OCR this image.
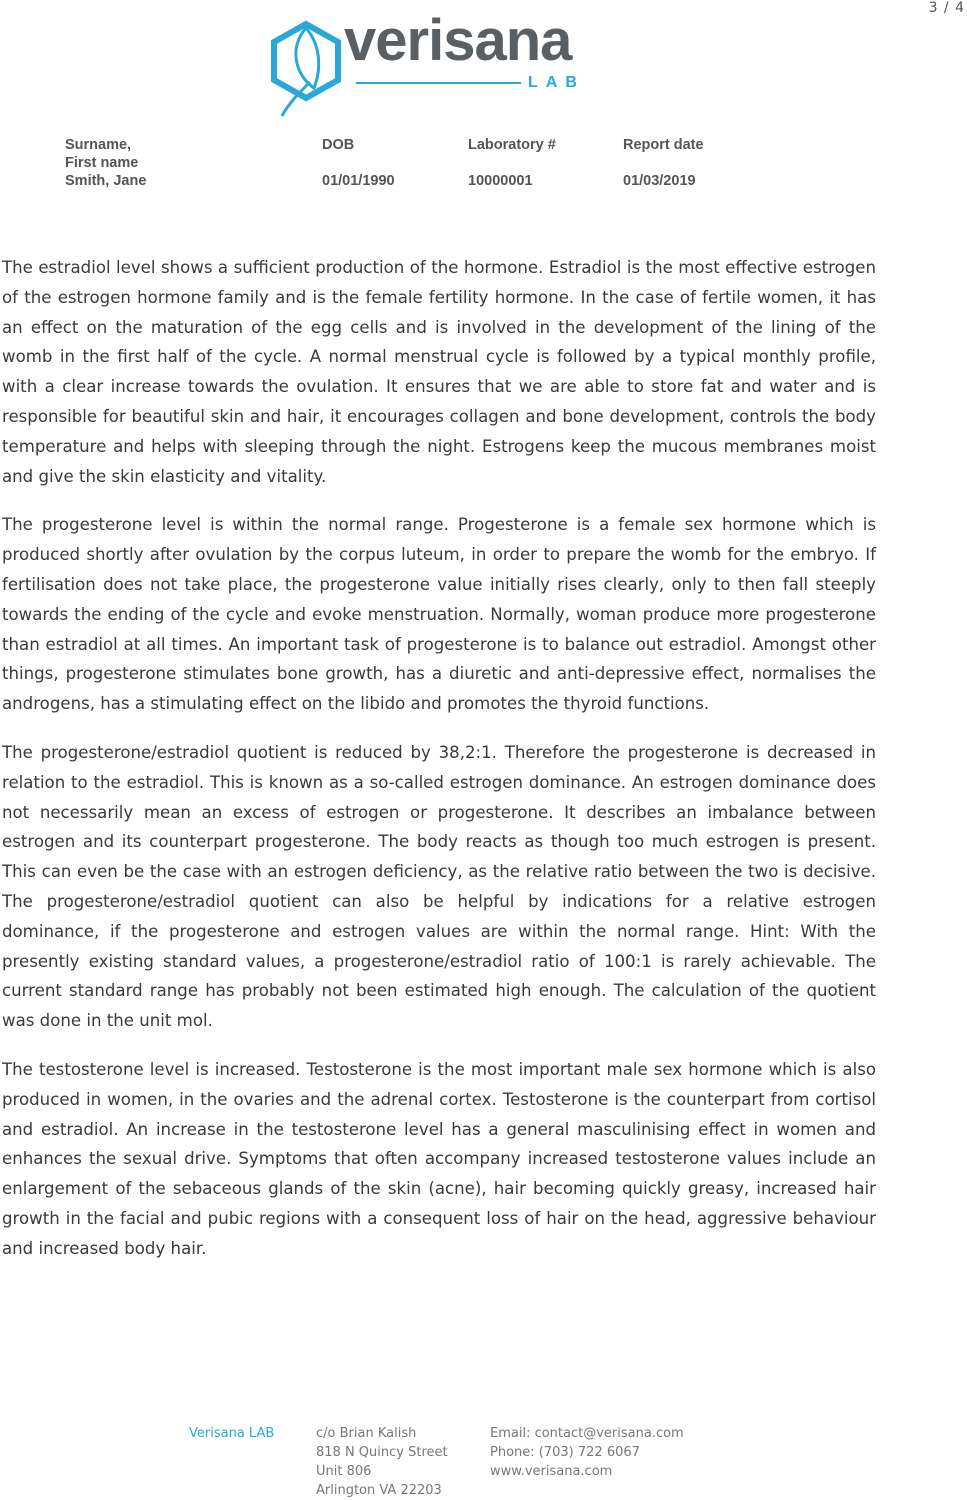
3 / 4
verisana
LAB
Surname,
First name
Smith, Jane
DOB
01/01/1990
Laboratory #
10000001
Report date
01/03/2019

The estradiol level shows a sufficient production of the hormone. Estradiol is the most effective estrogen of the estrogen hormone family and is the female fertility hormone. In the case of fertile women, it has an effect on the maturation of the egg cells and is involved in the development of the lining of the womb in the first half of the cycle. A normal menstrual cycle is followed by a typical monthly profile, with a clear increase towards the ovulation. It ensures that we are able to store fat and water and is responsible for beautiful skin and hair, it encourages collagen and bone development, controls the body temperature and helps with sleeping through the night. Estrogens keep the mucous membranes moist and give the skin elasticity and vitality.

The progesterone level is within the normal range. Progesterone is a female sex hormone which is produced shortly after ovulation by the corpus luteum, in order to prepare the womb for the embryo. If fertilisation does not take place, the progesterone value initially rises clearly, only to then fall steeply towards the ending of the cycle and evoke menstruation. Normally, woman produce more progesterone than estradiol at all times. An important task of progesterone is to balance out estradiol. Amongst other things, progesterone stimulates bone growth, has a diuretic and anti-depressive effect, normalises the androgens, has a stimulating effect on the libido and promotes the thyroid functions.

The progesterone/estradiol quotient is reduced by 38,2:1. Therefore the progesterone is decreased in relation to the estradiol. This is known as a so-called estrogen dominance. An estrogen dominance does not necessarily mean an excess of estrogen or progesterone. It describes an imbalance between estrogen and its counterpart progesterone. The body reacts as though too much estrogen is present. This can even be the case with an estrogen deficiency, as the relative ratio between the two is decisive. The progesterone/estradiol quotient can also be helpful by indications for a relative estrogen dominance, if the progesterone and estrogen values are within the normal range. Hint: With the presently existing standard values, a progesterone/estradiol ratio of 100:1 is rarely achievable. The current standard range has probably not been estimated high enough. The calculation of the quotient was done in the unit mol.

The testosterone level is increased. Testosterone is the most important male sex hormone which is also produced in women, in the ovaries and the adrenal cortex. Testosterone is the counterpart from cortisol and estradiol. An increase in the testosterone level has a general masculinising effect in women and enhances the sexual drive. Symptoms that often accompany increased testosterone values include an enlargement of the sebaceous glands of the skin (acne), hair becoming quickly greasy, increased hair growth in the facial and pubic regions with a consequent loss of hair on the head, aggressive behaviour and increased body hair.

Verisana LAB	c/o Brian Kalish
818 N Quincy Street
Unit 806
Arlington VA 22203
Email: contact@verisana.com
Phone: (703) 722 6067
www.verisana.com
